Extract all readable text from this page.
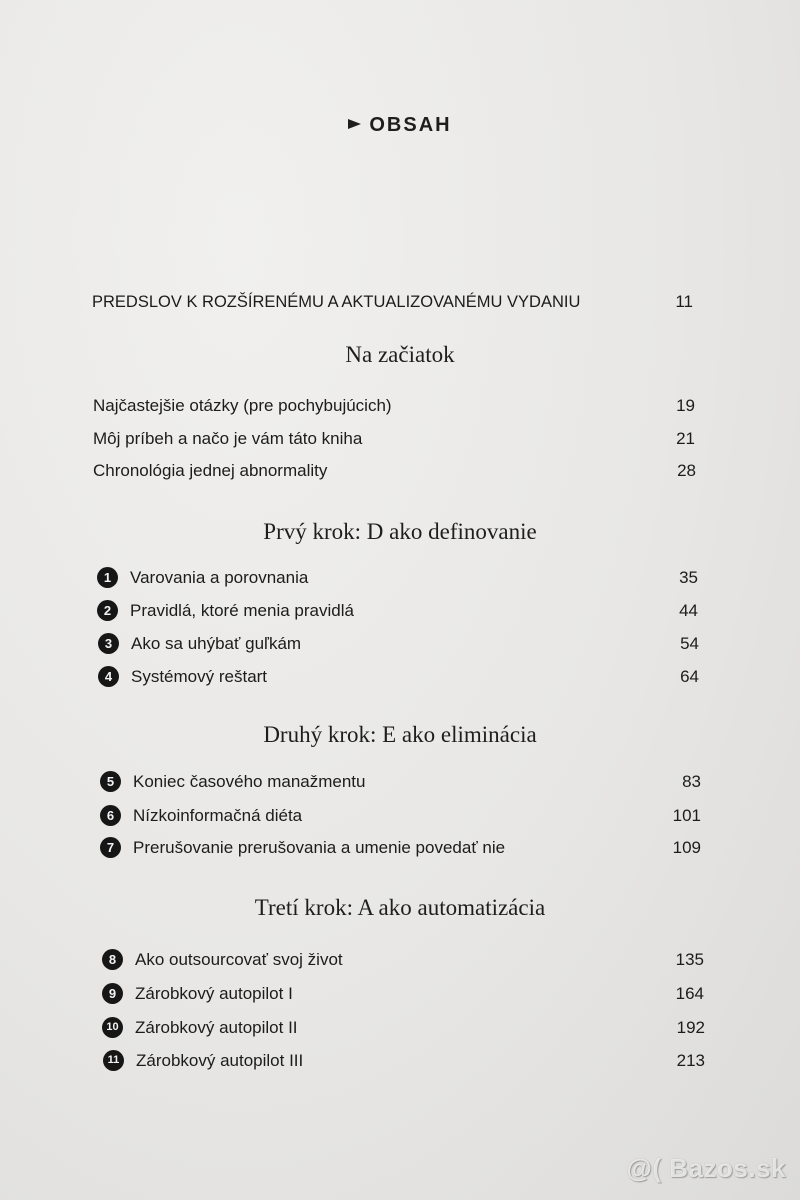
OBSAH
PREDSLOV K ROZŠÍRENÉMU A AKTUALIZOVANÉMU VYDANIU	11
Na začiatok
Najčastejšie otázky (pre pochybujúcich)	19
Môj príbeh a načo je vám táto kniha	21
Chronológia jednej abnormality	28
Prvý krok: D ako definovanie
1	Varovania a porovnania	35
2	Pravidlá, ktoré menia pravidlá	44
3	Ako sa uhýbať guľkám	54
4	Systémový reštart	64
Druhý krok: E ako eliminácia
5	Koniec časového manažmentu	83
6	Nízkoinformačná diéta	101
7	Prerušovanie prerušovania a umenie povedať nie	109
Tretí krok: A ako automatizácia
8	Ako outsourcovať svoj život	135
9	Zárobkový autopilot I	164
10 Zárobkový autopilot II	192
11 Zárobkový autopilot III	213
@( Bazos.sk
